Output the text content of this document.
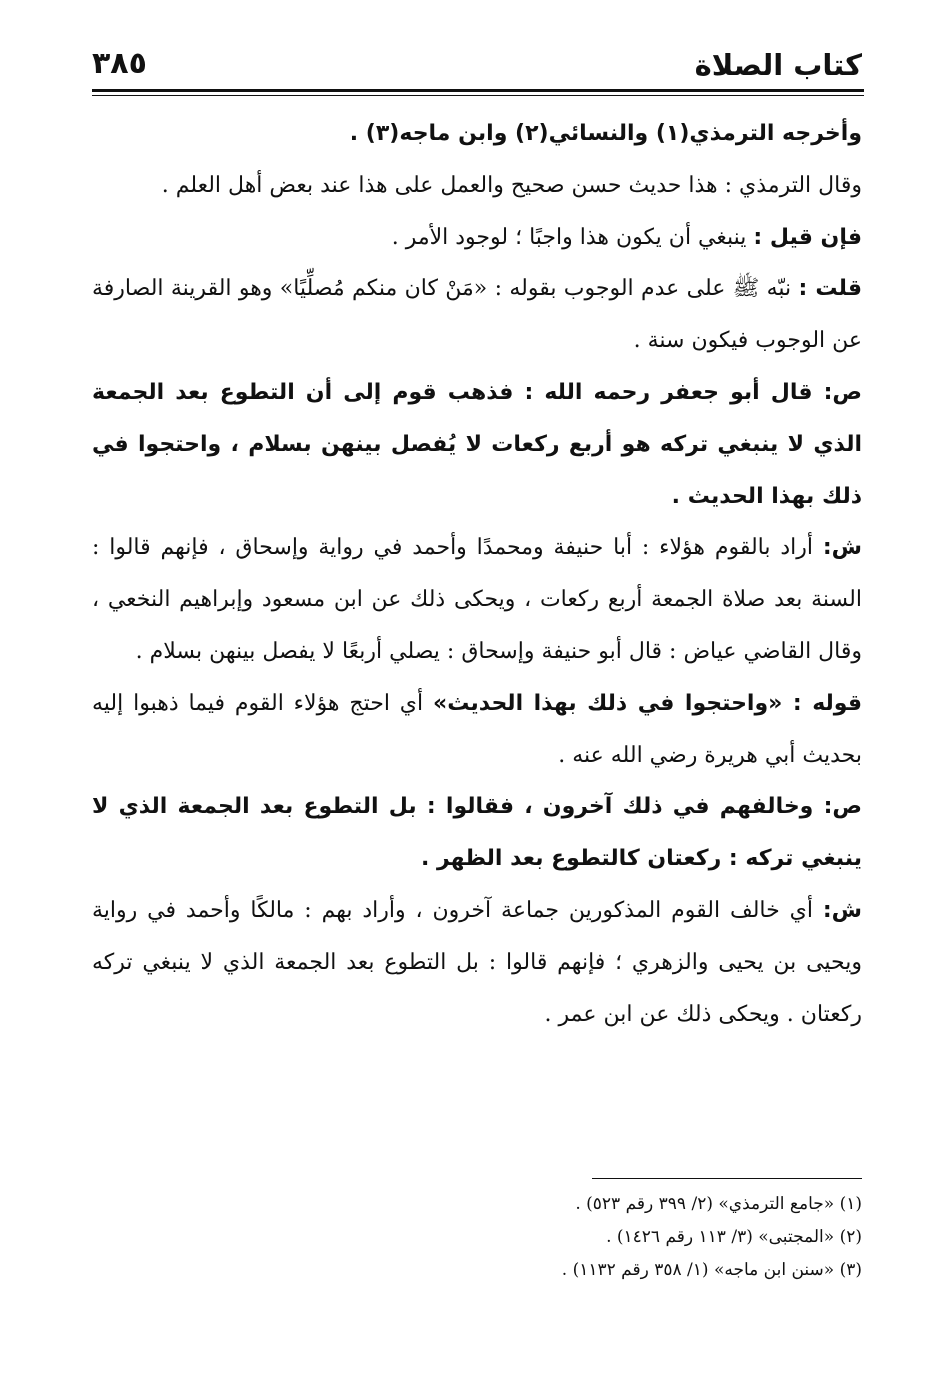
كتاب الصلاة
٣٨٥

وأخرجه الترمذي(١) والنسائي(٢) وابن ماجه(٣) .

وقال الترمذي : هذا حديث حسن صحيح والعمل على هذا عند بعض أهل العلم .

فإن قيل : ينبغي أن يكون هذا واجبًا ؛ لوجود الأمر .

قلت : نبّه ﷺ على عدم الوجوب بقوله : «مَنْ كان منكم مُصلِّيًا» وهو القرينة الصارفة عن الوجوب فيكون سنة .

ص: قال أبو جعفر رحمه الله : فذهب قوم إلى أن التطوع بعد الجمعة الذي لا ينبغي تركه هو أربع ركعات لا يُفصل بينهن بسلام ، واحتجوا في ذلك بهذا الحديث .

ش: أراد بالقوم هؤلاء : أبا حنيفة ومحمدًا وأحمد في رواية وإسحاق ، فإنهم قالوا : السنة بعد صلاة الجمعة أربع ركعات ، ويحكى ذلك عن ابن مسعود وإبراهيم النخعي ، وقال القاضي عياض : قال أبو حنيفة وإسحاق : يصلي أربعًا لا يفصل بينهن بسلام .

قوله : «واحتجوا في ذلك بهذا الحديث» أي احتج هؤلاء القوم فيما ذهبوا إليه بحديث أبي هريرة رضي الله عنه .

ص: وخالفهم في ذلك آخرون ، فقالوا : بل التطوع بعد الجمعة الذي لا ينبغي تركه : ركعتان كالتطوع بعد الظهر .

ش: أي خالف القوم المذكورين جماعة آخرون ، وأراد بهم : مالكًا وأحمد في رواية ويحيى بن يحيى والزهري ؛ فإنهم قالوا : بل التطوع بعد الجمعة الذي لا ينبغي تركه ركعتان . ويحكى ذلك عن ابن عمر .

(١) «جامع الترمذي» (٢/ ٣٩٩ رقم ٥٢٣) .

(٢) «المجتبى» (٣/ ١١٣ رقم ١٤٢٦) .

(٣) «سنن ابن ماجه» (١/ ٣٥٨ رقم ١١٣٢) .
